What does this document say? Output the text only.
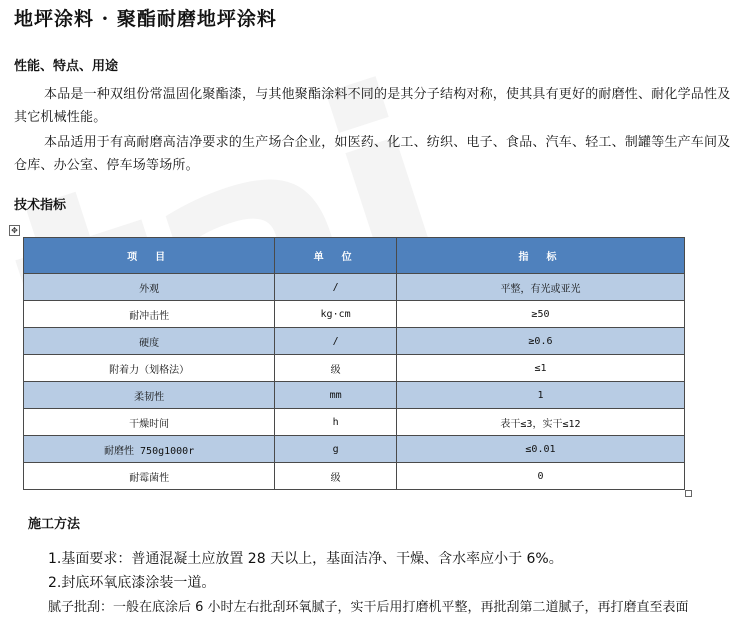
地坪涂料 · 聚酯耐磨地坪涂料
性能、特点、用途

本品是一种双组份常温固化聚酯漆，与其他聚酯涂料不同的是其分子结构对称，使其具有更好的耐磨性、耐化学品性及其它机械性能。

本品适用于有高耐磨高洁净要求的生产场合企业，如医药、化工、纺织、电子、食品、汽车、轻工、制罐等生产车间及仓库、办公室、停车场等场所。

技术指标
✥
项 目	单 位	指 标
外观	/	平整，有光或亚光
耐冲击性	kg·cm	≥50
硬度	/	≥0.6
附着力（划格法）	级	≤1
柔韧性	mm	1
干燥时间	h	表干≤3，实干≤12
耐磨性 750g1000r	g	≤0.01
耐霉菌性	级	0
施工方法
1.基面要求：普通混凝土应放置 28 天以上，基面洁净、干燥、含水率应小于 6%。
2.封底环氧底漆涂装一道。
腻子批刮：一般在底涂后 6 小时左右批刮环氧腻子，实干后用打磨机平整，再批刮第二道腻子，再打磨直至表面
